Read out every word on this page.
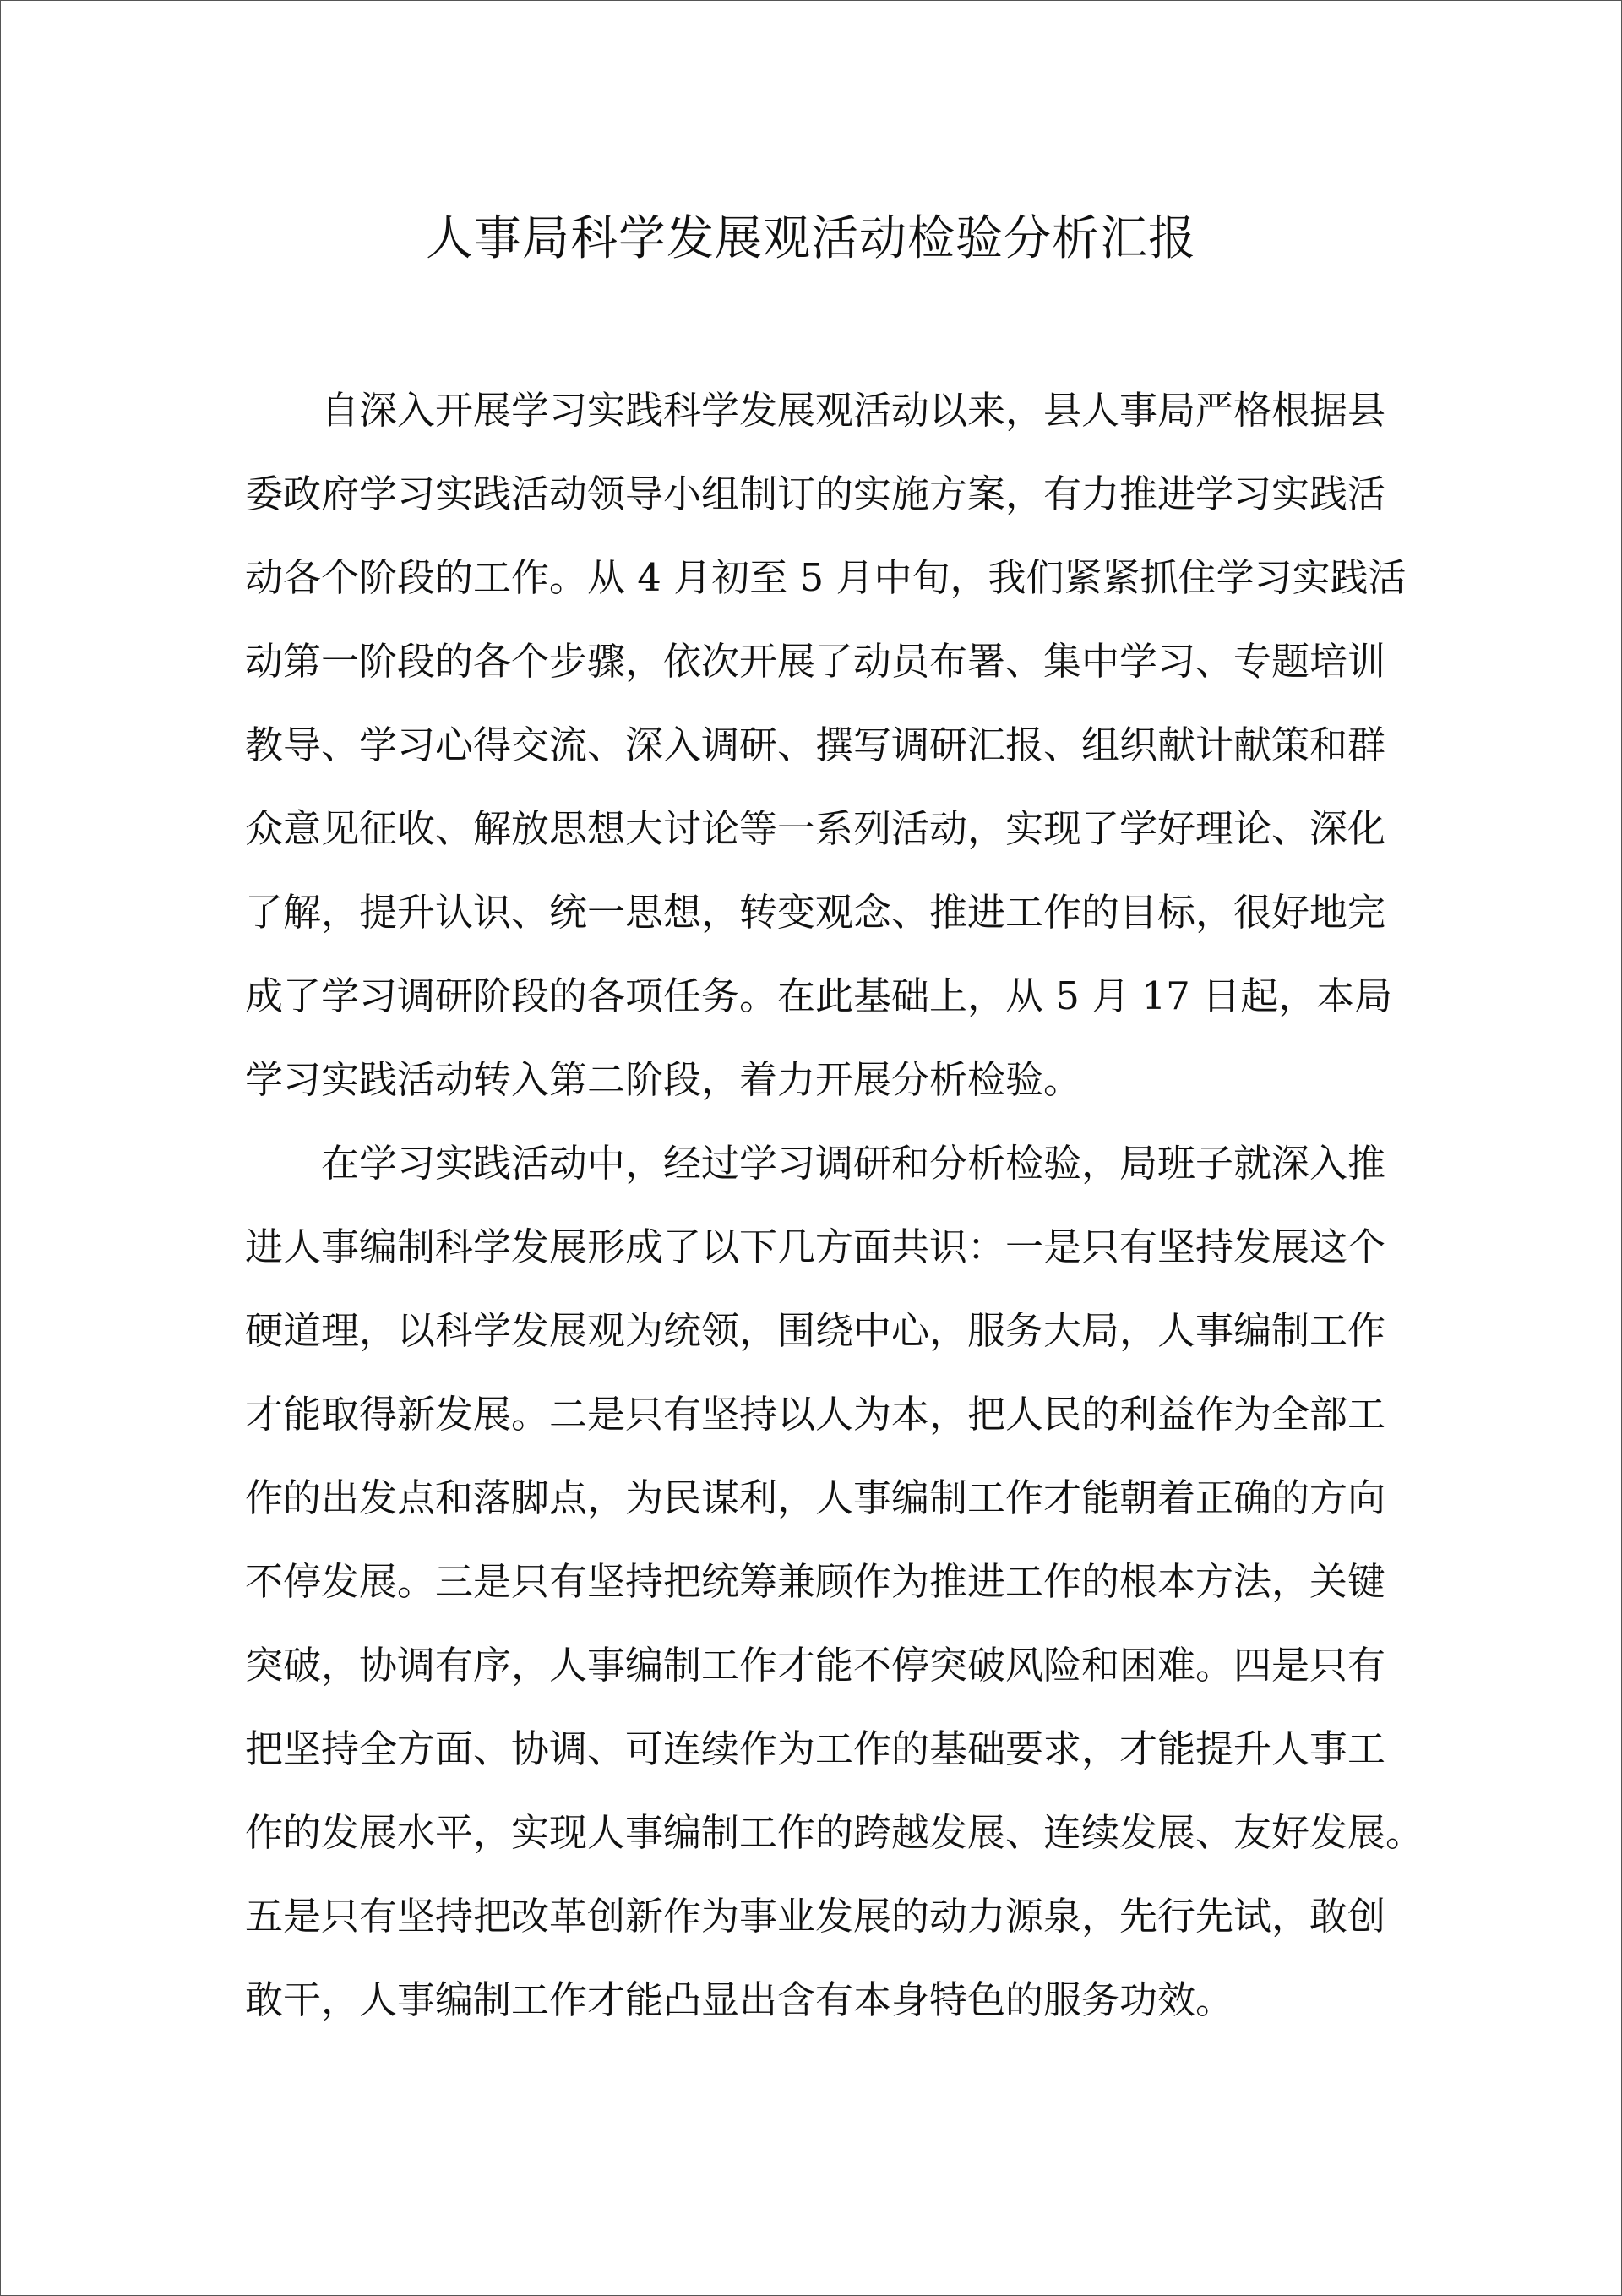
人事局科学发展观活动检验分析汇报
自深入开展学习实践科学发展观活动以来，县人事局严格根据县
委政府学习实践活动领导小组制订的实施方案，有力推进学习实践活
动各个阶段的工作。从 4 月初至 5 月中旬，我们紧紧抓住学习实践活
动第一阶段的各个步骤，依次开展了动员布署、集中学习、专题培训
教导、学习心得交流、深入调研、撰写调研汇报、组织献计献策和群
众意见征收、解放思想大讨论等一系列活动，实现了学好理论、深化
了解，提升认识、统一思想，转变观念、推进工作的目标，很好地完
成了学习调研阶段的各项任务。在此基础上，从 5 月 17 日起，本局
学习实践活动转入第二阶段，着力开展分析检验。
在学习实践活动中，经过学习调研和分析检验，局班子就深入推
进人事编制科学发展形成了以下几方面共识：一是只有坚持发展这个
硬道理，以科学发展观为统领，围绕中心，服务大局，人事编制工作
才能取得新发展。二是只有坚持以人为本，把人民的利益作为全部工
作的出发点和落脚点，为民谋利，人事编制工作才能朝着正确的方向
不停发展。三是只有坚持把统筹兼顾作为推进工作的根本方法，关键
突破，协调有序，人事编制工作才能不停突破风险和困难。四是只有
把坚持全方面、协调、可连续作为工作的基础要求，才能提升人事工
作的发展水平，实现人事编制工作的跨越发展、连续发展、友好发展。
五是只有坚持把改革创新作为事业发展的动力源泉，先行先试，敢创
敢干，人事编制工作才能凸显出含有本身特色的服务功效。
